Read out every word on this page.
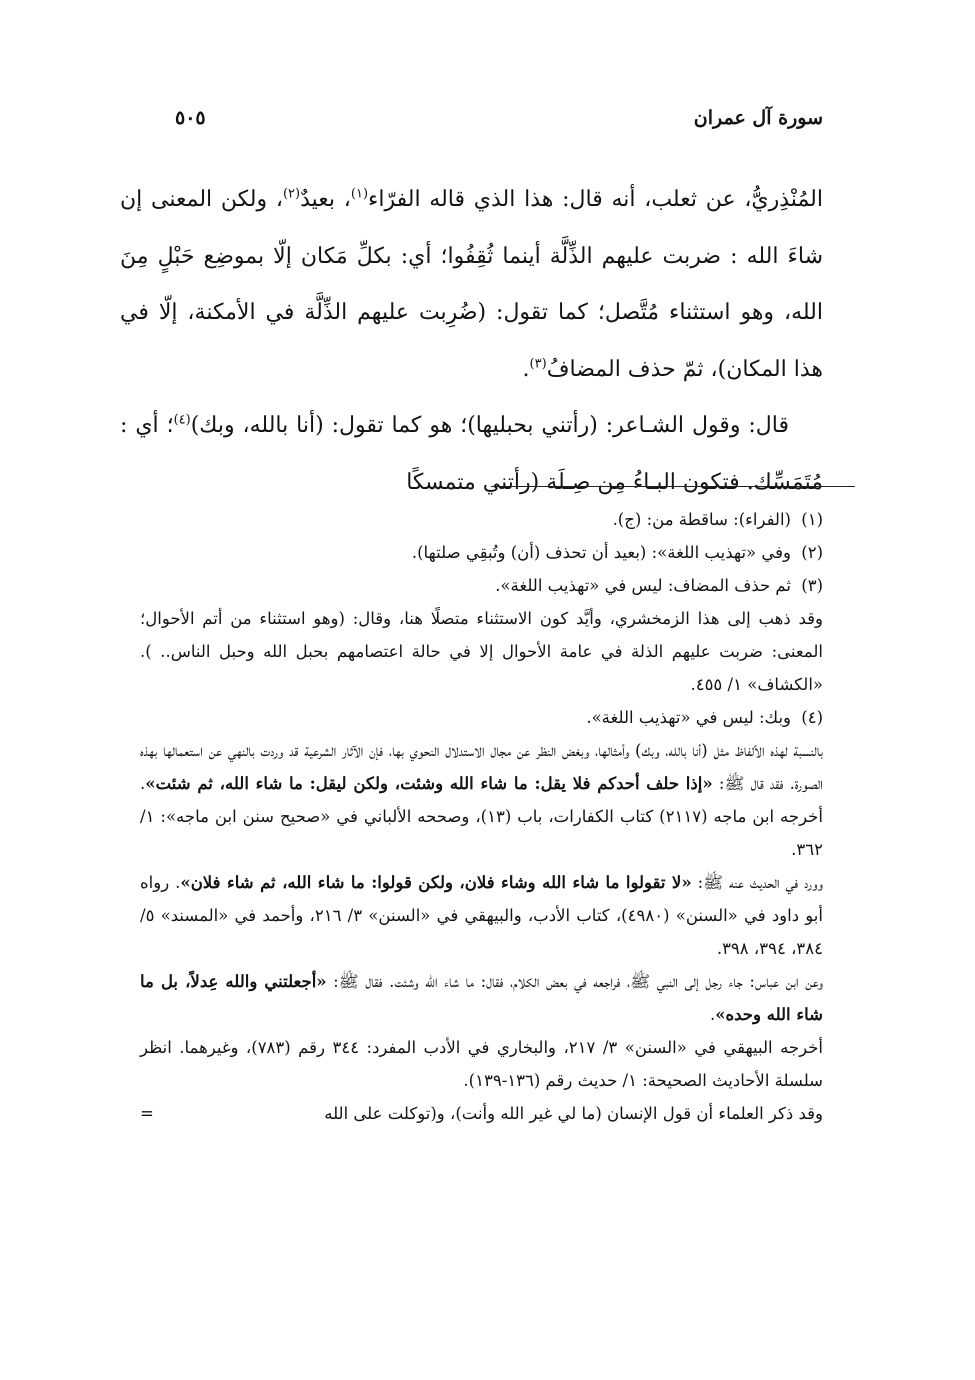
سورة آل عمران
٥٠٥

المُنْذِريُّ، عن ثعلب، أنه قال: هذا الذي قاله الفرّاء$^{(١)}$، بعيدٌ$^{(٢)}$، ولكن المعنى إن شاءَ الله : ضربت عليهم الذِّلَّة أينما ثُقِفُوا؛ أي: بكلِّ مَكان إلّا بموضِع حَبْلٍ مِنَ الله، وهو استثناء مُتَّصل؛ كما تقول: (ضُرِبت عليهم الذِّلَّة في الأمكنة، إلّا في هذا المكان)، ثمّ حذف المضافُ$^{(٣)}$.

قال: وقول الشـاعر: (رأتني بحبليها)؛ هو كما تقول: (أنا بالله، وبك)$^{(٤)}$؛ أي : مُتَمَسِّك. فتكون البـاءُ مِن صِـلَة (رأتني متمسكًا

(١)(الفراء): ساقطة من: (ج).

(٢)وفي «تهذيب اللغة»: (بعيد أن تحذف (أن) وتُبقِي صلتها).

(٣)ثم حذف المضاف: ليس في «تهذيب اللغة».

وقد ذهب إلى هذا الزمخشري، وأيَّد كون الاستثناء متصلًا هنا، وقال: (وهو استثناء من أتم الأحوال؛ المعنى: ضربت عليهم الذلة في عامة الأحوال إلا في حالة اعتصامهم بحبل الله وحبل الناس.. ). «الكشاف» ١/ ٤٥٥.

(٤)وبك: ليس في «تهذيب اللغة».

بالنسبة لهذه الألفاظ مثل (أنا بالله، وبك) وأمثالها، وبغض النظر عن مجال الاستدلال النحوي بها، فإن الآثار الشرعية قد وردت بالنهي عن استعمالها بهذه الصورة. فقد قال ﷺ: «إذا حلف أحدكم فلا يقل: ما شاء الله وشئت، ولكن ليقل: ما شاء الله، ثم شئت». أخرجه ابن ماجه (٢١١٧) كتاب الكفارات، باب (١٣)، وصححه الألباني في «صحيح سنن ابن ماجه»: ١/ ٣٦٢.

وورد في الحديث عنه ﷺ: «لا تقولوا ما شاء الله وشاء فلان، ولكن قولوا: ما شاء الله، ثم شاء فلان». رواه أبو داود في «السنن» (٤٩٨٠)، كتاب الأدب، والبيهقي في «السنن» ٣/ ٢١٦، وأحمد في «المسند» ٥/ ٣٨٤، ٣٩٤، ٣٩٨.

وعن ابن عباس: جاء رجل إلى النبي ﷺ، فراجعه في بعض الكلام، فقال: ما شاء الله وشئت. فقال ﷺ: «أجعلتني والله عِدلاً، بل ما شاء الله وحده».

أخرجه البيهقي في «السنن» ٣/ ٢١٧، والبخاري في الأدب المفرد: ٣٤٤ رقم (٧٨٣)، وغيرهما. انظر سلسلة الأحاديث الصحيحة: ١/ حديث رقم (١٣٦-١٣٩).

وقد ذكر العلماء أن قول الإنسان (ما لي غير الله وأنت)، و(توكلت على الله
=
